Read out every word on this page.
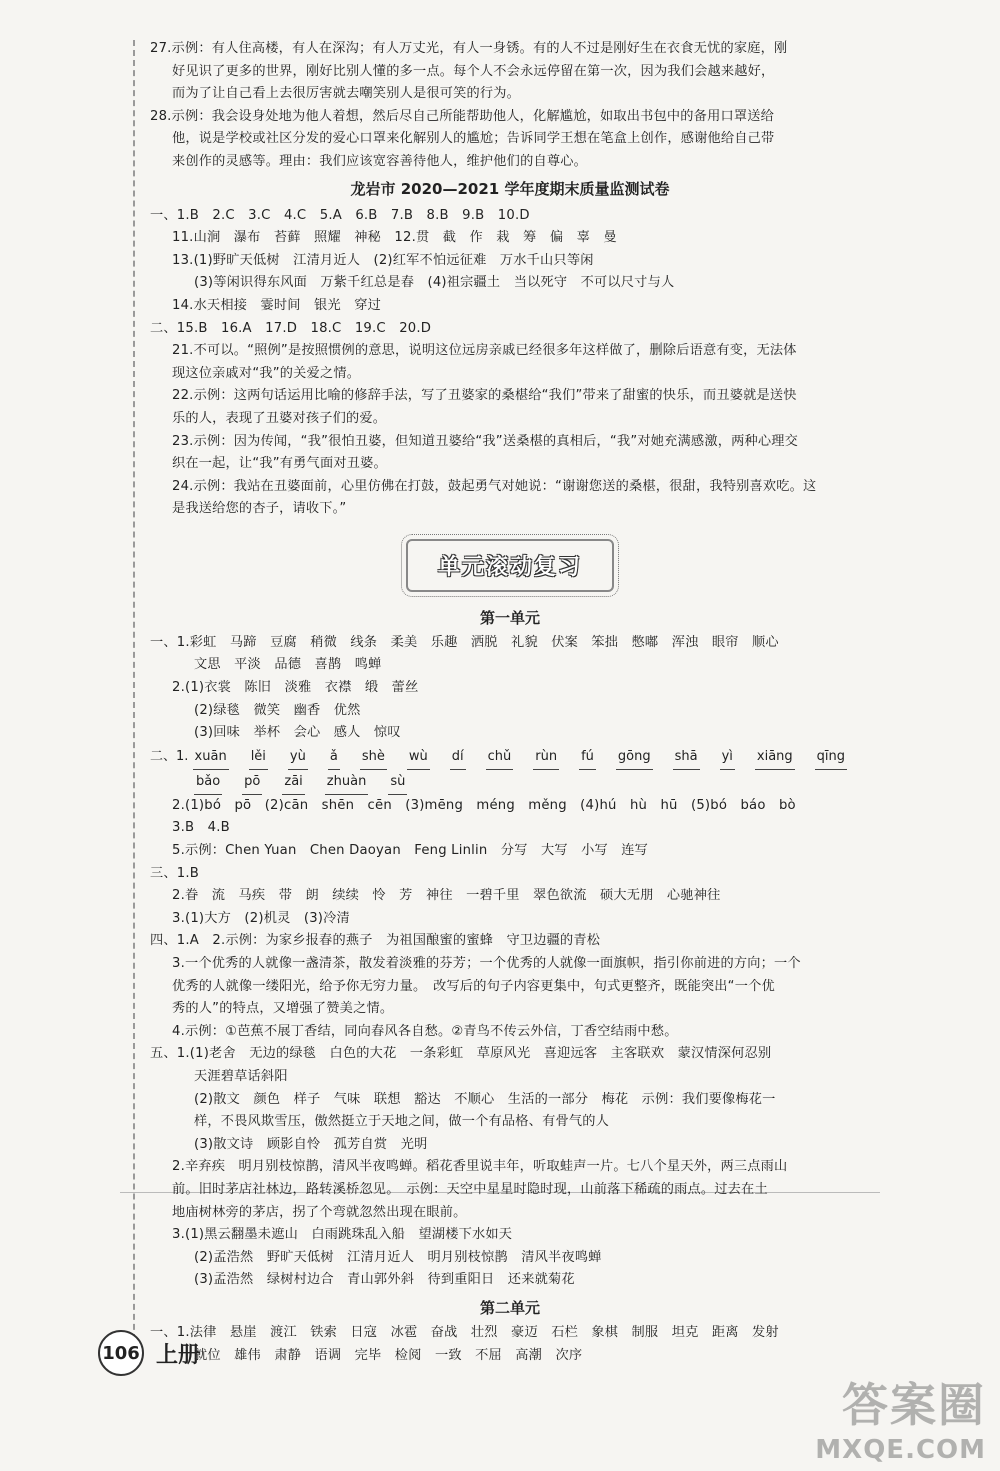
27.示例：有人住高楼，有人在深沟；有人万丈光，有人一身锈。有的人不过是刚好生在衣食无忧的家庭，刚

好见识了更多的世界，刚好比别人懂的多一点。每个人不会永远停留在第一次，因为我们会越来越好，

而为了让自己看上去很厉害就去嘲笑别人是很可笑的行为。

28.示例：我会设身处地为他人着想，然后尽自己所能帮助他人，化解尴尬，如取出书包中的备用口罩送给

他，说是学校或社区分发的爱心口罩来化解别人的尴尬；告诉同学王想在笔盒上创作，感谢他给自己带

来创作的灵感等。理由：我们应该宽容善待他人，维护他们的自尊心。

龙岩市 2020—2021 学年度期末质量监测试卷

一、1.B　2.C　3.C　4.C　5.A　6.B　7.B　8.B　9.B　10.D

11.山涧　瀑布　苔藓　照耀　神秘　12.贯　截　作　栽　筹　偏　辜　曼

13.(1)野旷天低树　江清月近人　(2)红军不怕远征难　万水千山只等闲

(3)等闲识得东风面　万紫千红总是春　(4)祖宗疆土　当以死守　不可以尺寸与人

14.水天相接　霎时间　银光　穿过

二、15.B　16.A　17.D　18.C　19.C　20.D

21.不可以。“照例”是按照惯例的意思，说明这位远房亲戚已经很多年这样做了，删除后语意有变，无法体

现这位亲戚对“我”的关爱之情。

22.示例：这两句话运用比喻的修辞手法，写了丑婆家的桑椹给“我们”带来了甜蜜的快乐，而丑婆就是送快

乐的人，表现了丑婆对孩子们的爱。

23.示例：因为传闻，“我”很怕丑婆，但知道丑婆给“我”送桑椹的真相后，“我”对她充满感激，两种心理交

织在一起，让“我”有勇气面对丑婆。

24.示例：我站在丑婆面前，心里仿佛在打鼓，鼓起勇气对她说：“谢谢您送的桑椹，很甜，我特别喜欢吃。这

是我送给您的杏子，请收下。”

单元滚动复习
第一单元

一、1.彩虹　马蹄　豆腐　稍微　线条　柔美　乐趣　洒脱　礼貌　伏案　笨拙　憋嘟　浑浊　眼帘　顺心

文思　平淡　品德　喜鹊　鸣蝉

2.(1)衣裳　陈旧　淡雅　衣襟　缎　蕾丝

(2)绿毯　微笑　幽香　优然

(3)回味　举杯　会心　感人　惊叹

二、1. xuān lěi yù ǎ shè wù dí chǔ rùn fú gōng shā yì xiāng qīng
bǎo pō zāi zhuàn sù

2.(1)bó　pō　(2)cān　shēn　cēn　(3)mēng　méng　měng　(4)hú　hù　hū　(5)bó　báo　bò

3.B　4.B

5.示例：Chen Yuan　Chen Daoyan　Feng Linlin　分写　大写　小写　连写

三、1.B

2.眷　流　马疾　带　朗　续续　怜　芳　神往　一碧千里　翠色欲流　硕大无朋　心驰神往

3.(1)大方　(2)机灵　(3)冷清

四、1.A　2.示例：为家乡报春的燕子　为祖国酿蜜的蜜蜂　守卫边疆的青松

3.一个优秀的人就像一盏清茶，散发着淡雅的芬芳；一个优秀的人就像一面旗帜，指引你前进的方向；一个

优秀的人就像一缕阳光，给予你无穷力量。　改写后的句子内容更集中，句式更整齐，既能突出“一个优

秀的人”的特点，又增强了赞美之情。

4.示例：①芭蕉不展丁香结，同向春风各自愁。②青鸟不传云外信，丁香空结雨中愁。

五、1.(1)老舍　无边的绿毯　白色的大花　一条彩虹　草原风光　喜迎远客　主客联欢　蒙汉情深何忍别

天涯碧草话斜阳

(2)散文　颜色　样子　气味　联想　豁达　不顺心　生活的一部分　梅花　示例：我们要像梅花一

样，不畏风欺雪压，傲然挺立于天地之间，做一个有品格、有骨气的人

(3)散文诗　顾影自怜　孤芳自赏　光明

2.辛弃疾　明月别枝惊鹊，清风半夜鸣蝉。稻花香里说丰年，听取蛙声一片。七八个星天外，两三点雨山

前。旧时茅店社林边，路转溪桥忽见。　示例：天空中星星时隐时现，山前落下稀疏的雨点。过去在土

地庙树林旁的茅店，拐了个弯就忽然出现在眼前。

3.(1)黑云翻墨未遮山　白雨跳珠乱入船　望湖楼下水如天

(2)孟浩然　野旷天低树　江清月近人　明月别枝惊鹊　清风半夜鸣蝉

(3)孟浩然　绿树村边合　青山郭外斜　待到重阳日　还来就菊花

第二单元

一、1.法律　悬崖　渡江　铁索　日寇　冰雹　奋战　壮烈　豪迈　石栏　象棋　制服　坦克　距离　发射

就位　雄伟　肃静　语调　完毕　检阅　一致　不屈　高潮　次序

106 上册
答案圈
MXQE.COM
